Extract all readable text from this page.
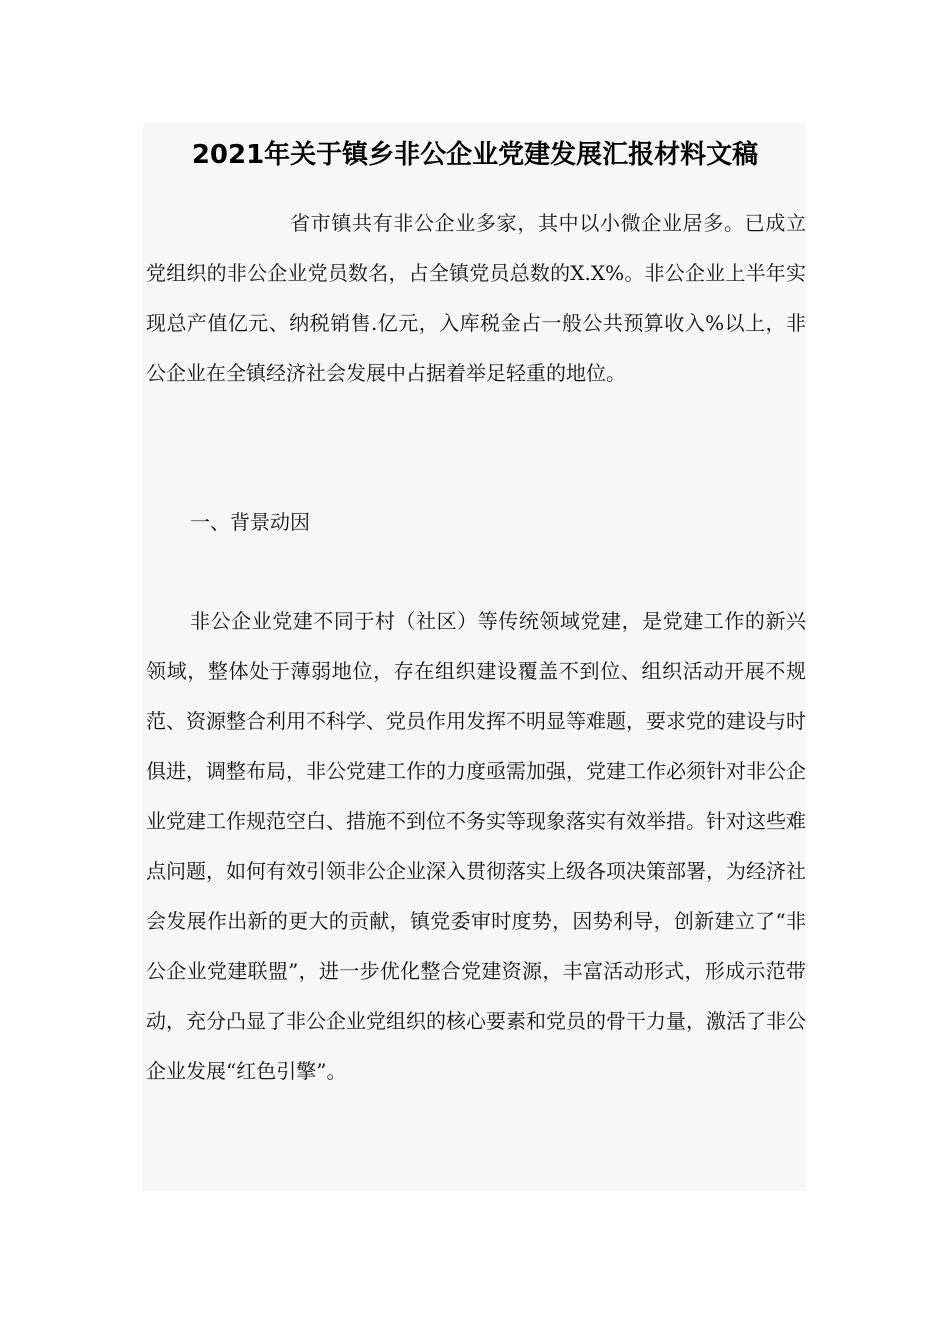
2021年关于镇乡非公企业党建发展汇报材料文稿

省市镇共有非公企业多家，其中以小微企业居多。已成立党组织的非公企业党员数名，占全镇党员总数的X.X%。非公企业上半年实现总产值亿元、纳税销售.亿元，入库税金占一般公共预算收入%以上，非公企业在全镇经济社会发展中占据着举足轻重的地位。

一、背景动因

非公企业党建不同于村（社区）等传统领域党建，是党建工作的新兴领域，整体处于薄弱地位，存在组织建设覆盖不到位、组织活动开展不规范、资源整合利用不科学、党员作用发挥不明显等难题，要求党的建设与时俱进，调整布局，非公党建工作的力度亟需加强，党建工作必须针对非公企业党建工作规范空白、措施不到位不务实等现象落实有效举措。针对这些难点问题，如何有效引领非公企业深入贯彻落实上级各项决策部署，为经济社会发展作出新的更大的贡献，镇党委审时度势，因势利导，创新建立了“非公企业党建联盟”，进一步优化整合党建资源，丰富活动形式，形成示范带动，充分凸显了非公企业党组织的核心要素和党员的骨干力量，激活了非公企业发展“红色引擎”。
